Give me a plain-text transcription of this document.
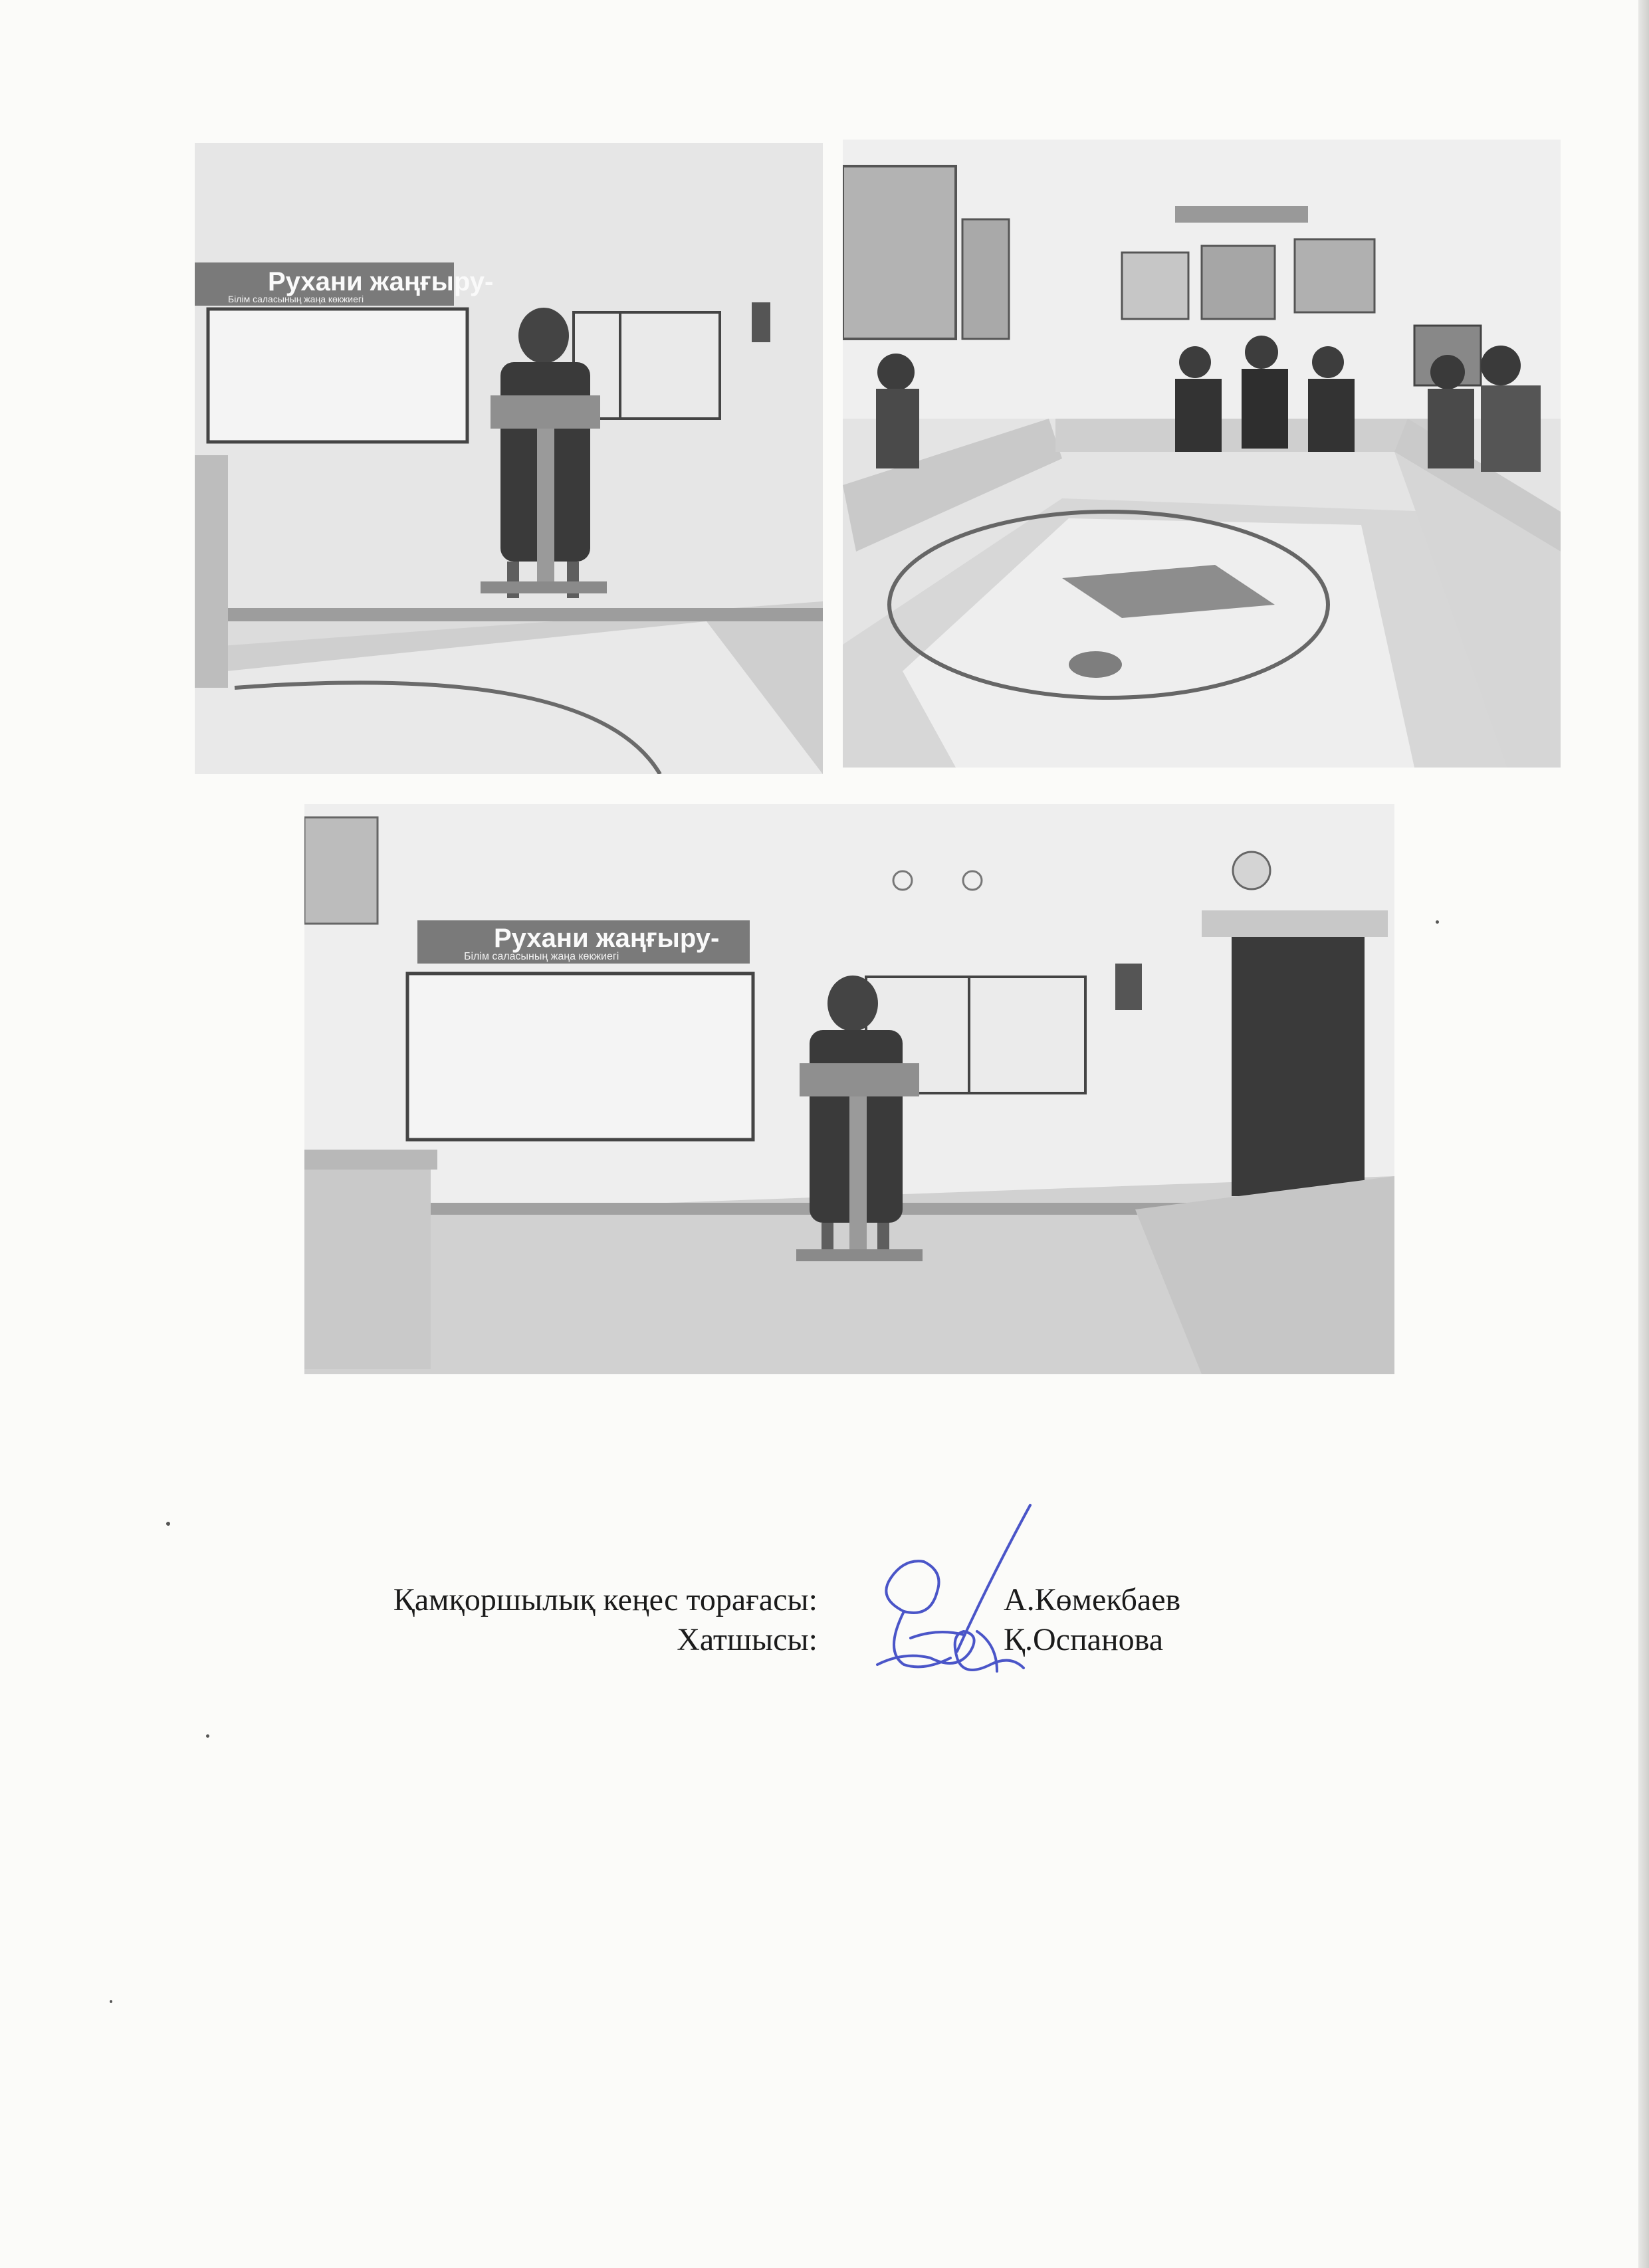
Рухани жаңғыру-
Білім саласының жаңа көкжиегі
Рухани жаңғыру-
Білім саласының жаңа көкжиегі
Қамқоршылық кеңес торағасы:	А.Көмекбаев
Хатшысы:	Қ.Оспанова
